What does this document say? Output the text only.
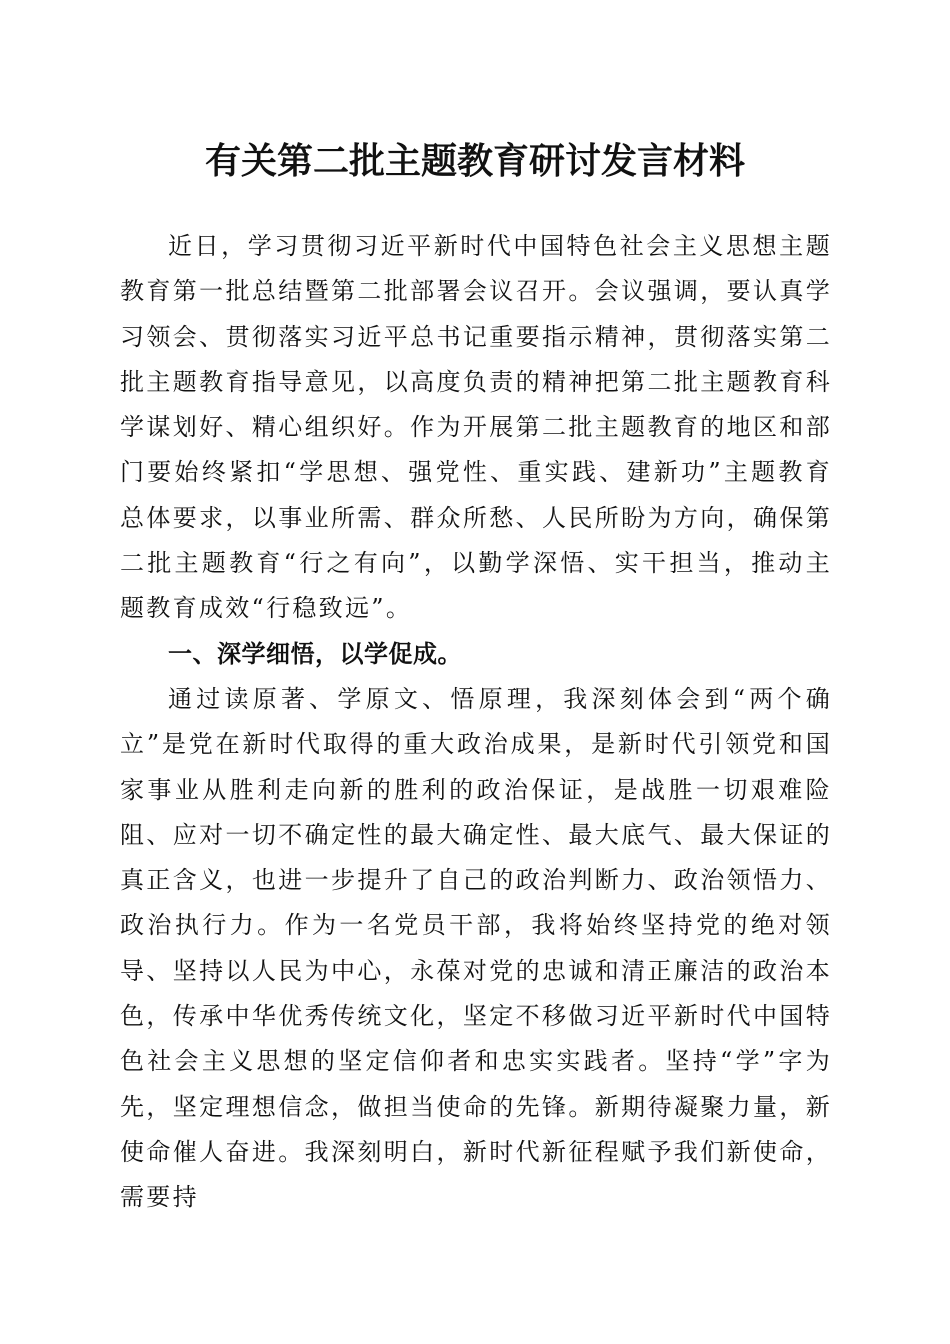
有关第二批主题教育研讨发言材料

近日，学习贯彻习近平新时代中国特色社会主义思想主题教育第一批总结暨第二批部署会议召开。会议强调，要认真学习领会、贯彻落实习近平总书记重要指示精神，贯彻落实第二批主题教育指导意见，以高度负责的精神把第二批主题教育科学谋划好、精心组织好。作为开展第二批主题教育的地区和部门要始终紧扣“学思想、强党性、重实践、建新功”主题教育总体要求，以事业所需、群众所愁、人民所盼为方向，确保第二批主题教育“行之有向”，以勤学深悟、实干担当，推动主题教育成效“行稳致远”。

一、深学细悟，以学促成。

通过读原著、学原文、悟原理，我深刻体会到“两个确立”是党在新时代取得的重大政治成果，是新时代引领党和国家事业从胜利走向新的胜利的政治保证，是战胜一切艰难险阻、应对一切不确定性的最大确定性、最大底气、最大保证的真正含义，也进一步提升了自己的政治判断力、政治领悟力、政治执行力。作为一名党员干部，我将始终坚持党的绝对领导、坚持以人民为中心，永葆对党的忠诚和清正廉洁的政治本色，传承中华优秀传统文化，坚定不移做习近平新时代中国特色社会主义思想的坚定信仰者和忠实实践者。坚持“学”字为先，坚定理想信念，做担当使命的先锋。新期待凝聚力量，新使命催人奋进。我深刻明白，新时代新征程赋予我们新使命，需要持
